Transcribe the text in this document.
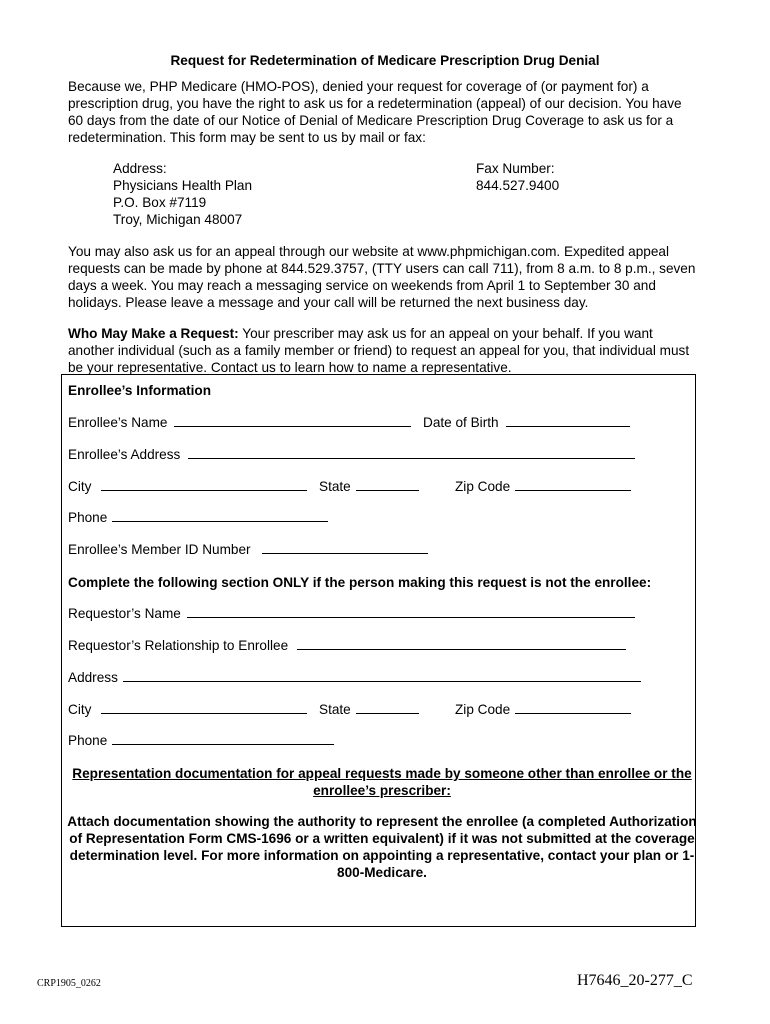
Request for Redetermination of Medicare Prescription Drug Denial

Because we, PHP Medicare (HMO-POS), denied your request for coverage of (or payment for) a prescription drug, you have the right to ask us for a redetermination (appeal) of our decision. You have 60 days from the date of our Notice of Denial of Medicare Prescription Drug Coverage to ask us for a redetermination. This form may be sent to us by mail or fax:

Address:
Physicians Health Plan
P.O. Box #7119
Troy, Michigan 48007
Fax Number:
844.527.9400

You may also ask us for an appeal through our website at www.phpmichigan.com. Expedited appeal requests can be made by phone at 844.529.3757, (TTY users can call 711), from 8 a.m. to 8 p.m., seven days a week. You may reach a messaging service on weekends from April 1 to September 30 and holidays. Please leave a message and your call will be returned the next business day.

Who May Make a Request: Your prescriber may ask us for an appeal on your behalf. If you want another individual (such as a family member or friend) to request an appeal for you, that individual must be your representative. Contact us to learn how to name a representative.

Enrollee’s Information
Enrollee’s Name	Date of Birth
Enrollee’s Address
City	State	Zip Code
Phone
Enrollee’s Member ID Number
Complete the following section ONLY if the person making this request is not the enrollee:
Requestor’s Name
Requestor’s Relationship to Enrollee
Address
City	State	Zip Code
Phone
Representation documentation for appeal requests made by someone other than enrollee or the enrollee’s prescriber:
Attach documentation showing the authority to represent the enrollee (a completed Authorization of Representation Form CMS-1696 or a written equivalent) if it was not submitted at the coverage determination level. For more information on appointing a representative, contact your plan or 1-800-Medicare.
CRP1905_0262	H7646_20-277_C
